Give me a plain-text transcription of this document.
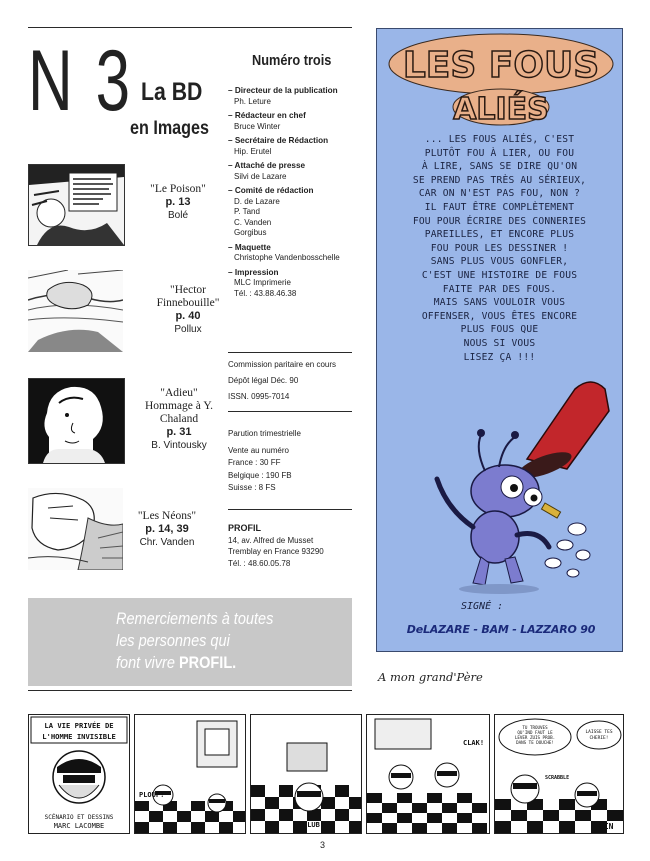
N 3 La BD
en Images
Numéro trois
"Le Poison"
p. 13
Bolé
"Hector Finnebouille"
p. 40
Pollux
"Adieu" Hommage à Y. Chaland
p. 31
B. Vintousky
"Les Néons"
p. 14, 39
Chr. Vanden
– Directeur de la publication
Ph. Leture
– Rédacteur en chef
Bruce Winter
– Secrétaire de Rédaction
Hip. Erutel
– Attaché de presse
Silvi de Lazare
– Comité de rédaction
D. de Lazare
P. Tand
C. Vanden
Gorgibus
– Maquette
Christophe Vandenbosschelle
– Impression
MLC Imprimerie
Tél. : 43.88.46.38
Commission paritaire en cours
Dépôt légal Déc. 90
ISSN. 0995-7014
Parution trimestrielle
Vente au numéro
France : 30 FF
Belgique : 190 FB
Suisse : 8 FS
PROFIL
14, av. Alfred de Musset
Tremblay en France 93290
Tél. : 48.60.05.78
Remerciements à toutes
les personnes qui
font vivre PROFIL.
LES FOUS
ALIÉS
... LES FOUS ALIÉS, C'EST
PLUTÔT FOU À LIER, OU FOU
À LIRE, SANS SE DIRE QU'ON
SE PREND PAS TRÈS AU SÉRIEUX,
CAR ON N'EST PAS FOU, NON ?
IL FAUT ÊTRE COMPLÈTEMENT
FOU POUR ÉCRIRE DES CONNERIES
PAREILLES, ET ENCORE PLUS
FOU POUR LES DESSINER !
SANS PLUS VOUS GONFLER,
C'EST UNE HISTOIRE DE FOUS
FAITE PAR DES FOUS.
MAIS SANS VOULOIR VOUS
OFFENSER, VOUS ÊTES ENCORE
PLUS FOUS QUE
NOUS SI VOUS
LISEZ ÇA !!!
SIGNÉ :
DeLAZARE - BAM - LAZZARO 90
A mon grand'Père
LA VIE PRIVÉE DE
L'HOMME INVISIBLE
SCÉNARIO ET DESSINS
MARC LACOMBE
PLOUF!
BLUB!
CLAK!
TU TROUVES QU'IND FAUT LE LEVER ZUIS PROB. DANS TE DOUCHE!
LAISSE TES CHERIE!
SCRABBLE
FIN
3
